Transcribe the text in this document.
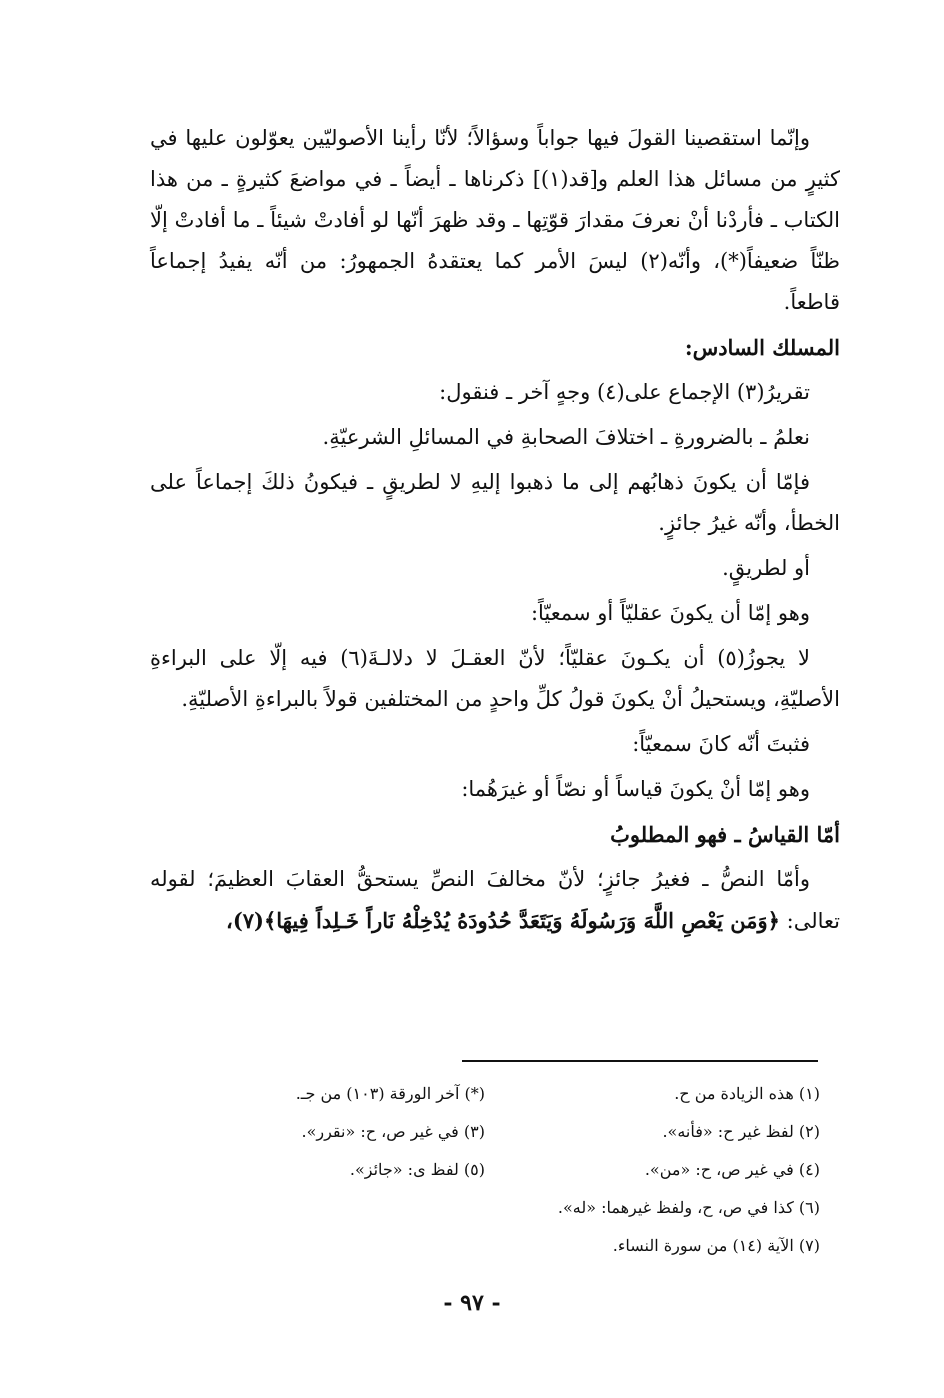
وإنّما استقصينا القولَ فيها جواباً وسؤالاً؛ لأنّا رأينا الأصوليّين يعوّلون عليها في كثيرٍ من مسائل هذا العلم و[قد(١)] ذكرناها ـ أيضاً ـ في مواضعَ كثيرةٍ ـ من هذا الكتاب ـ فأردْنا أنْ نعرفَ مقدارَ قوّتِها ـ وقد ظهرَ أنّها لو أفادتْ شيئاً ـ ما أفادتْ إلّا ظنّاً ضعيفاً(*)، وأنّه(٢) ليسَ الأمر كما يعتقدهُ الجمهورُ: من أنّه يفيدُ إجماعاً قاطعاً.

المسلك السادس:

تقريرُ(٣) الإجماع على(٤) وجهٍ آخر ـ فنقول:

نعلمُ ـ بالضرورةِ ـ اختلافَ الصحابةِ في المسائلِ الشرعيّةِ.

فإمّا أن يكونَ ذهابُهم إلى ما ذهبوا إليهِ لا لطريقٍ ـ فيكونُ ذلكَ إجماعاً على الخطأ، وأنّه غيرُ جائزٍ.

أو لطريقٍ.

وهو إمّا أن يكونَ عقليّاً أو سمعيّاً:

لا يجوزُ(٥) أن يكـونَ عقليّاً؛ لأنّ العقـلَ لا دلالـةَ(٦) فيه إلّا على البراءةِ الأصليّةِ، ويستحيلُ أنْ يكونَ قولُ كلِّ واحدٍ من المختلفين قولاً بالبراءةِ الأصليّةِ.

فثبتَ أنّه كانَ سمعيّاً:

وهو إمّا أنْ يكونَ قياساً أو نصّاً أو غيرَهُما:

أمّا القياسُ ـ فهو المطلوبُ

وأمّا النصُّ ـ فغيرُ جائزٍ؛ لأنّ مخالفَ النصِّ يستحقُّ العقابَ العظيمَ؛ لقوله تعالى: ﴿وَمَن يَعْصِ اللَّهَ وَرَسُولَهُ وَيَتَعَدَّ حُدُودَهُ يُدْخِلْهُ نَاراً خَـلِداً فِيهَا﴾(٧)،

(١) هذه الزيادة من ح.
(*) آخر الورقة (١٠٣) من جـ.
(٢) لفظ غير ح: «فأنه».
(٣) في غير ص، ح: «نقرر».
(٤) في غير ص، ح: «من».
(٥) لفظ ى: «جائز».
(٦) كذا في ص، ح، ولفظ غيرهما: «له».
(٧) الآية (١٤) من سورة النساء.
- ٩٧ -
